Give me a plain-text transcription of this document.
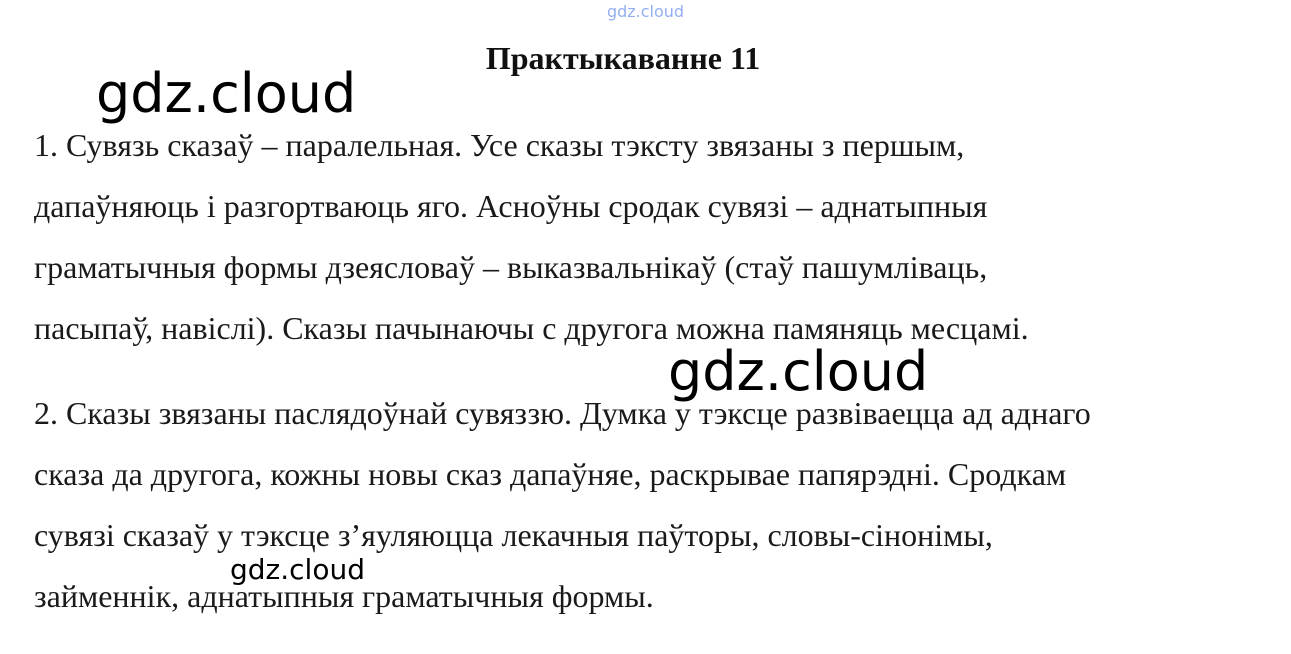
gdz.cloud
Практыкаванне 11
1. Сувязь сказаў – паралельная. Усе сказы тэксту звязаны з першым,
дапаўняюць і разгортваюць яго. Асноўны сродак сувязі – аднатыпныя
граматычныя формы дзеясловаў – выказвальнікаў (стаў пашумліваць,
пасыпаў, навіслі). Сказы пачынаючы с другога можна памяняць месцамі.
2. Сказы звязаны паслядоўнай сувяззю. Думка у тэксце развіваецца ад аднаго
сказа да другога, кожны новы сказ дапаўняе, раскрывае папярэдні. Сродкам
сувязі сказаў у тэксце з’яуляюцца лекачныя паўторы, словы-сінонімы,
займеннік, аднатыпныя граматычныя формы.
gdz.cloud
gdz.cloud
gdz.cloud
